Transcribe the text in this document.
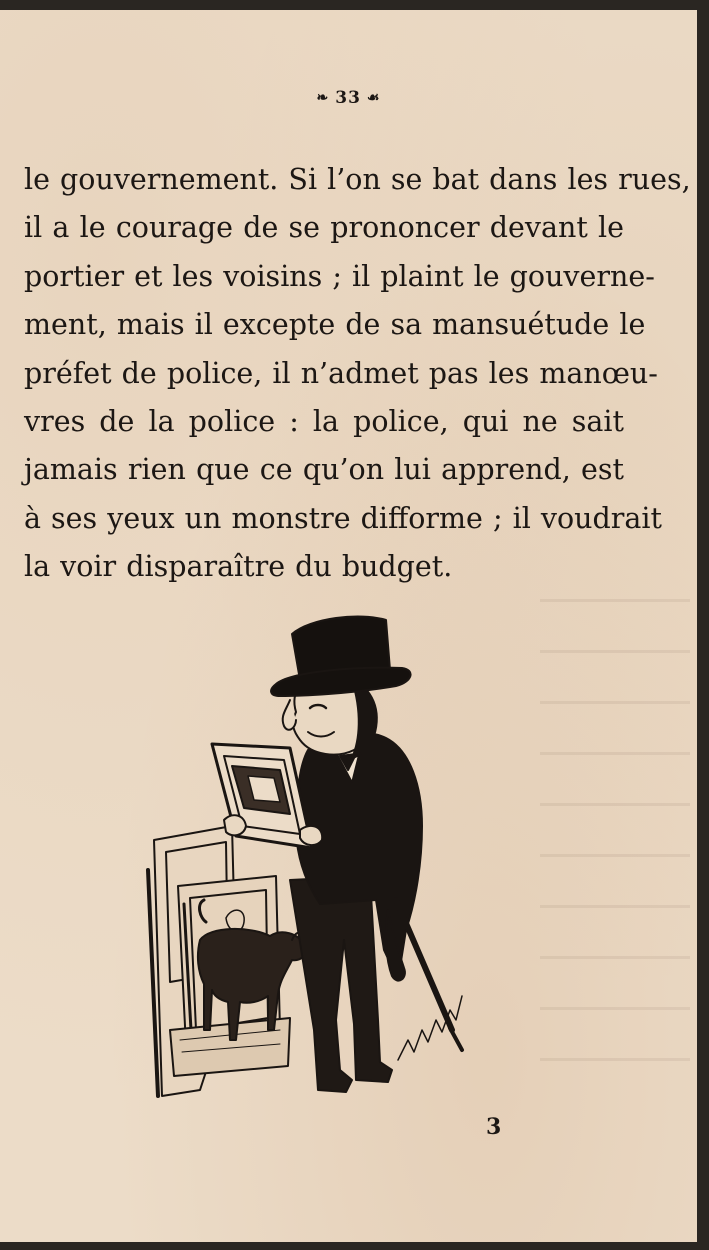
❧ 33 ☙

le gouvernement. Si l’on se bat dans les rues,
il a le courage de se prononcer devant le
portier et les voisins ; il plaint le gouverne-
ment, mais il excepte de sa mansuétude le
préfet de police, il n’admet pas les manœu-
vres de la police : la police, qui ne sait
jamais rien que ce qu’on lui apprend, est
à ses yeux un monstre difforme ; il voudrait
la voir disparaître du budget.

3
